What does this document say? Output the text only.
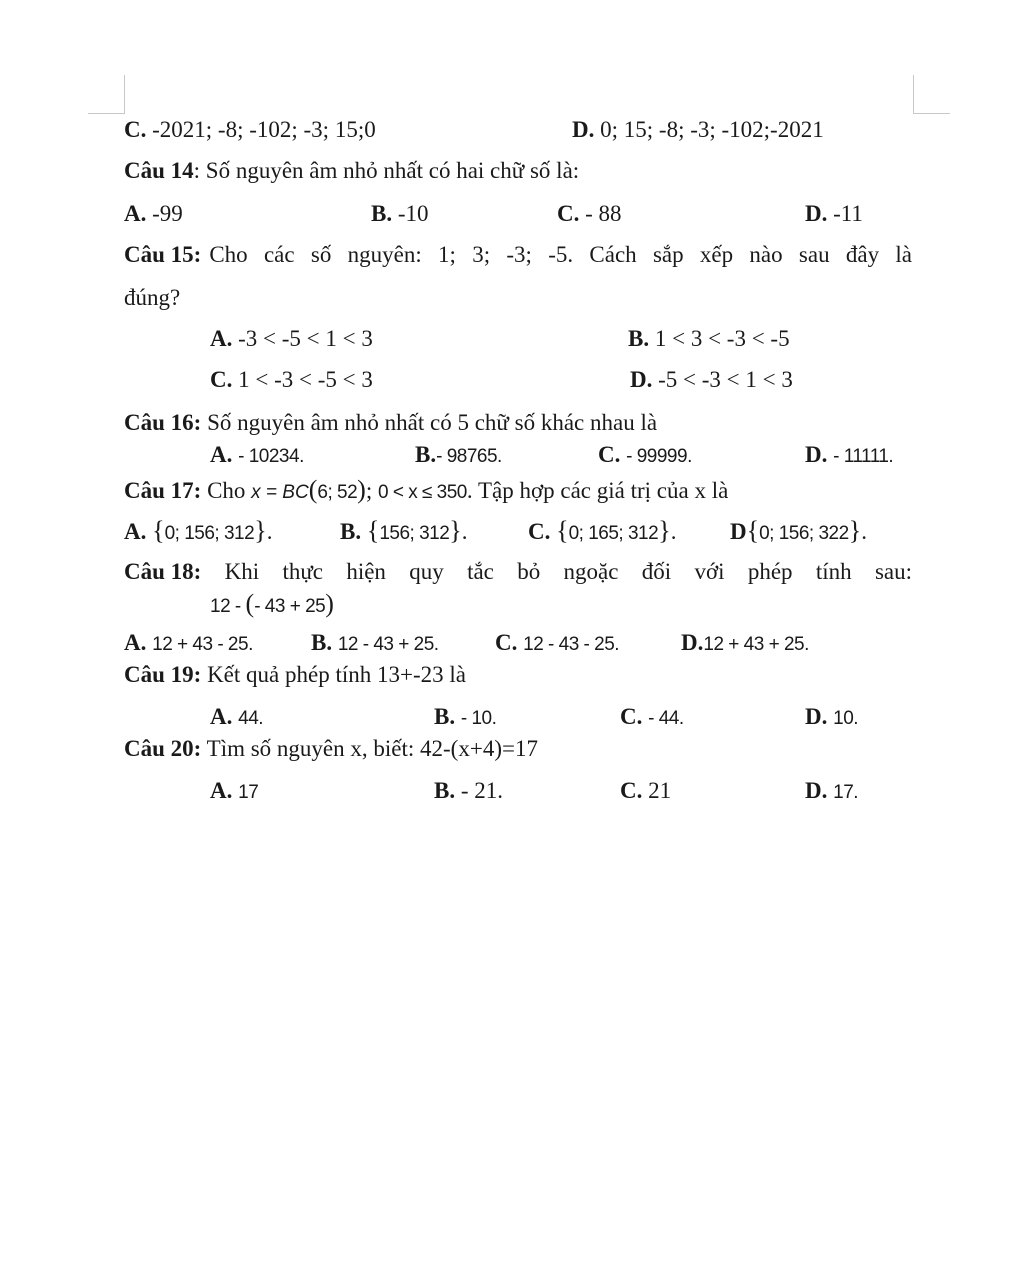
C. -2021; -8; -102; -3; 15;0	D. 0; 15; -8; -3; -102;-2021
Câu 14: Số nguyên âm nhỏ nhất có hai chữ số là:
A. -99	B. -10	C. - 88	D. -11
Câu 15: Cho các số nguyên: 1; 3; -3; -5. Cách sắp xếp nào sau đây là
đúng?
A. -3 < -5 < 1 < 3	B. 1 < 3 < -3 < -5
C. 1 < -3 < -5 < 3	D. -5 < -3 < 1 < 3
Câu 16: Số nguyên âm nhỏ nhất có 5 chữ số khác nhau là
A. - 10234.	B.- 98765.	C. - 99999.	D. - 11111.
Câu 17: Cho x = BC(6; 52); 0 < x ≤ 350. Tập hợp các giá trị của x là
A. {0; 156; 312}.	B. {156; 312}.	C. {0; 165; 312}. D{0; 156; 322}.
Câu 18: Khi thực hiện quy tắc bỏ ngoặc đối với phép tính sau:
12 - (- 43 + 25)
A. 12 + 43 - 25.	B. 12 - 43 + 25. C. 12 - 43 - 25.	D.12 + 43 + 25.
Câu 19: Kết quả phép tính 13+-23 là
A. 44.	B. - 10.	C. - 44.	D. 10.
Câu 20: Tìm số nguyên x, biết: 42-(x+4)=17
A. 17	B. - 21.	C. 21	D. 17.
